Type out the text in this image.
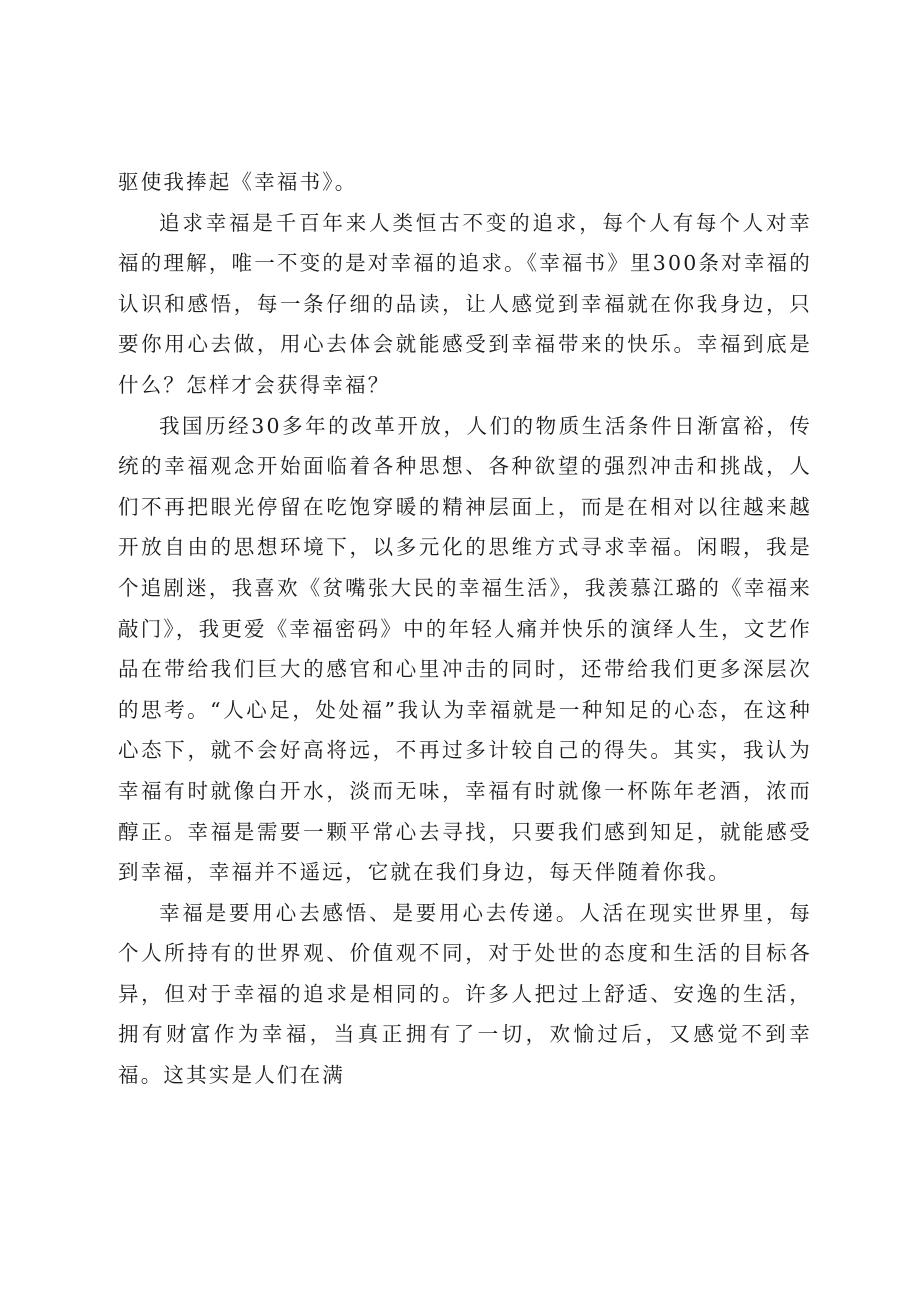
驱使我捧起《幸福书》。

追求幸福是千百年来人类恒古不变的追求，每个人有每个人对幸福的理解，唯一不变的是对幸福的追求。《幸福书》里300条对幸福的认识和感悟，每一条仔细的品读，让人感觉到幸福就在你我身边，只要你用心去做，用心去体会就能感受到幸福带来的快乐。幸福到底是什么？怎样才会获得幸福？

我国历经30多年的改革开放，人们的物质生活条件日渐富裕，传统的幸福观念开始面临着各种思想、各种欲望的强烈冲击和挑战，人们不再把眼光停留在吃饱穿暖的精神层面上，而是在相对以往越来越开放自由的思想环境下，以多元化的思维方式寻求幸福。闲暇，我是个追剧迷，我喜欢《贫嘴张大民的幸福生活》，我羡慕江璐的《幸福来敲门》，我更爱《幸福密码》中的年轻人痛并快乐的演绎人生，文艺作品在带给我们巨大的感官和心里冲击的同时，还带给我们更多深层次的思考。“人心足，处处福”我认为幸福就是一种知足的心态，在这种心态下，就不会好高将远，不再过多计较自己的得失。其实，我认为幸福有时就像白开水，淡而无味，幸福有时就像一杯陈年老酒，浓而醇正。幸福是需要一颗平常心去寻找，只要我们感到知足，就能感受到幸福，幸福并不遥远，它就在我们身边，每天伴随着你我。

幸福是要用心去感悟、是要用心去传递。人活在现实世界里，每个人所持有的世界观、价值观不同，对于处世的态度和生活的目标各异，但对于幸福的追求是相同的。许多人把过上舒适、安逸的生活，拥有财富作为幸福，当真正拥有了一切，欢愉过后，又感觉不到幸福。这其实是人们在满
